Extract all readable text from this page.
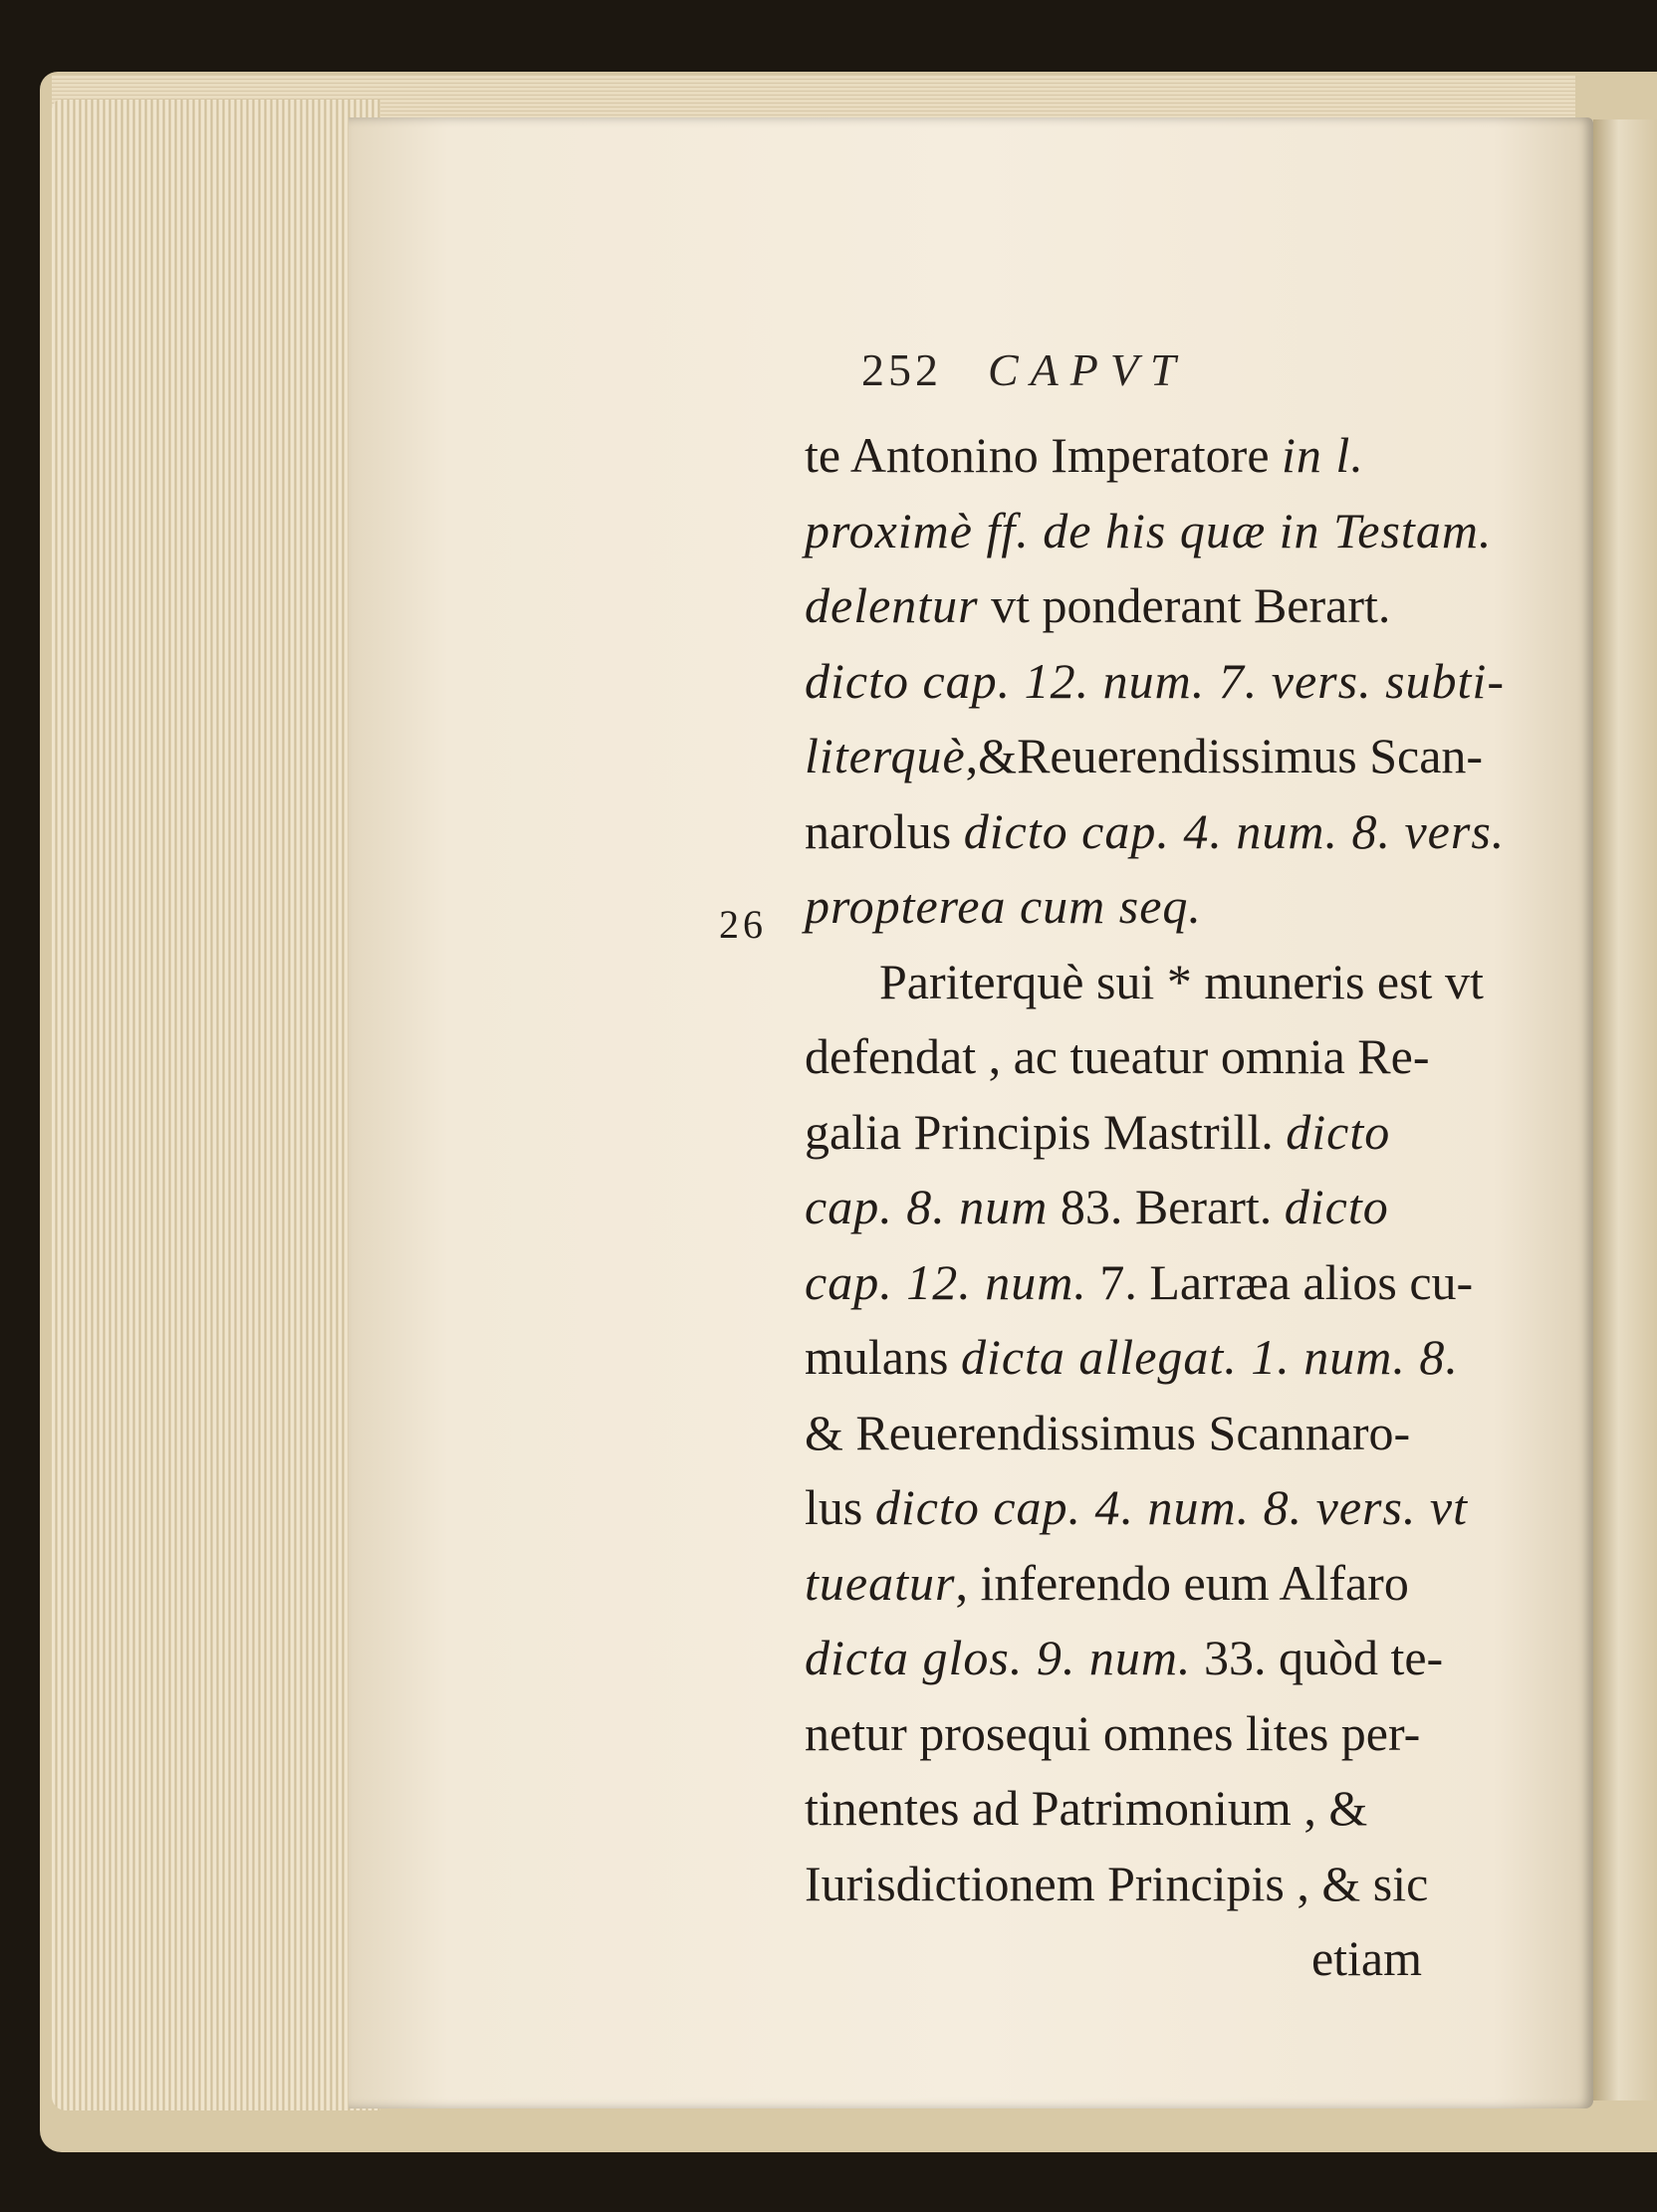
252 CAPVT
26
te Antonino Imperatore in l.
proximè ff. de his quæ in Testam.
delentur vt ponderant Berart.
dicto cap. 12. num. 7. vers. subti-
literquè,&Reuerendissimus Scan-
narolus dicto cap. 4. num. 8. vers.
propterea cum seq.
Pariterquè sui * muneris est vt
defendat , ac tueatur omnia Re-
galia Principis Mastrill. dicto
cap. 8. num 83. Berart. dicto
cap. 12. num. 7. Larræa alios cu-
mulans dicta allegat. 1. num. 8.
& Reuerendissimus Scannaro-
lus dicto cap. 4. num. 8. vers. vt
tueatur, inferendo eum Alfaro
dicta glos. 9. num. 33. quòd te-
netur prosequi omnes lites per-
tinentes ad Patrimonium , &
Iurisdictionem Principis , & sic
etiam
